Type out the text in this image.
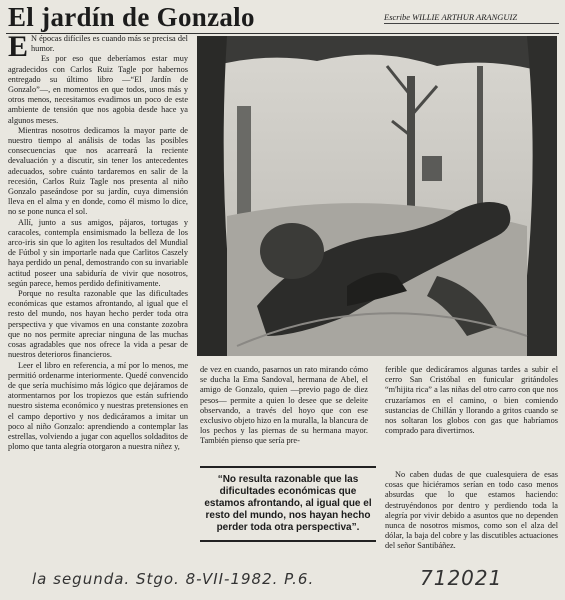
El jardín de Gonzalo	Escribe WILLIE ARTHUR ARANGUIZ

E N épocas difíciles es cuando más se precisa del humor.

Es por eso que deberíamos estar muy agradecidos con Carlos Ruiz Tagle por habernos entregado su último libro —“El Jardín de Gonzalo”—, en momentos en que todos, unos más y otros menos, necesitamos evadirnos un poco de este ambiente de tensión que nos agobia desde hace ya algunos meses.

Mientras nosotros dedicamos la mayor parte de nuestro tiempo al análisis de todas las posibles consecuencias que nos acarreará la reciente devaluación y a discutir, sin tener los antecedentes adecuados, sobre cuánto tardaremos en salir de la recesión, Carlos Ruiz Tagle nos presenta al niño Gonzalo paseándose por su jardín, cuya dimensión lleva en el alma y en donde, como él mismo lo dice, no se pone nunca el sol.

Allí, junto a sus amigos, pájaros, tortugas y caracoles, contempla ensimismado la belleza de los arco-iris sin que lo agiten los resultados del Mundial de Fútbol y sin importarle nada que Carlitos Caszely haya perdido un penal, demostrando con su invariable actitud poseer una sabiduría de vivir que nosotros, según parece, hemos perdido definitivamente.

Porque no resulta razonable que las dificultades económicas que estamos afrontando, al igual que el resto del mundo, nos hayan hecho perder toda otra perspectiva y que vivamos en una constante zozobra que no nos permite apreciar ninguna de las muchas cosas agradables que nos ofrece la vida a pesar de nuestros deterioros financieros.

Leer el libro en referencia, a mí por lo menos, me permitió ordenarme interiormente. Quedé convencido de que sería muchísimo más lógico que dejáramos de atormentarnos por los tropiezos que están sufriendo nuestro sistema económico y nuestras pretensiones en el campo deportivo y nos dedicáramos a imitar un poco al niño Gonzalo: aprendiendo a contemplar las estrellas, volviendo a jugar con aquellos soldaditos de plomo que tanta alegría otorgaron a nuestra niñez y,

de vez en cuando, pasarnos un rato mirando cómo se ducha la Ema Sandoval, hermana de Abel, el amigo de Gonzalo, quien —previo pago de diez pesos— permite a quien lo desee que se deleite observando, a través del hoyo que con ese exclusivo objeto hizo en la muralla, la blancura de los pechos y las piernas de su hermana mayor. También pienso que sería pre-

ferible que dedicáramos algunas tardes a subir el cerro San Cristóbal en funicular gritándoles “m'hijita rica” a las niñas del otro carro con que nos cruzaríamos en el camino, o bien comiendo sustancias de Chillán y llorando a gritos cuando se nos soltaran los globos con gas que habríamos comprado para divertirnos.

“No resulta razonable que las dificultades económicas que estamos afrontando, al igual que el resto del mundo, nos hayan hecho perder toda otra perspectiva”.

No caben dudas de que cualesquiera de esas cosas que hiciéramos serían en todo caso menos absurdas que lo que estamos haciendo: destruyéndonos por dentro y perdiendo toda la alegría por vivir debido a asuntos que no dependen nunca de nosotros mismos, como son el alza del dólar, la baja del cobre y las discutibles actuaciones del señor Santibáñez.

la segunda. Stgo. 8-VII-1982. P.6.	712021
